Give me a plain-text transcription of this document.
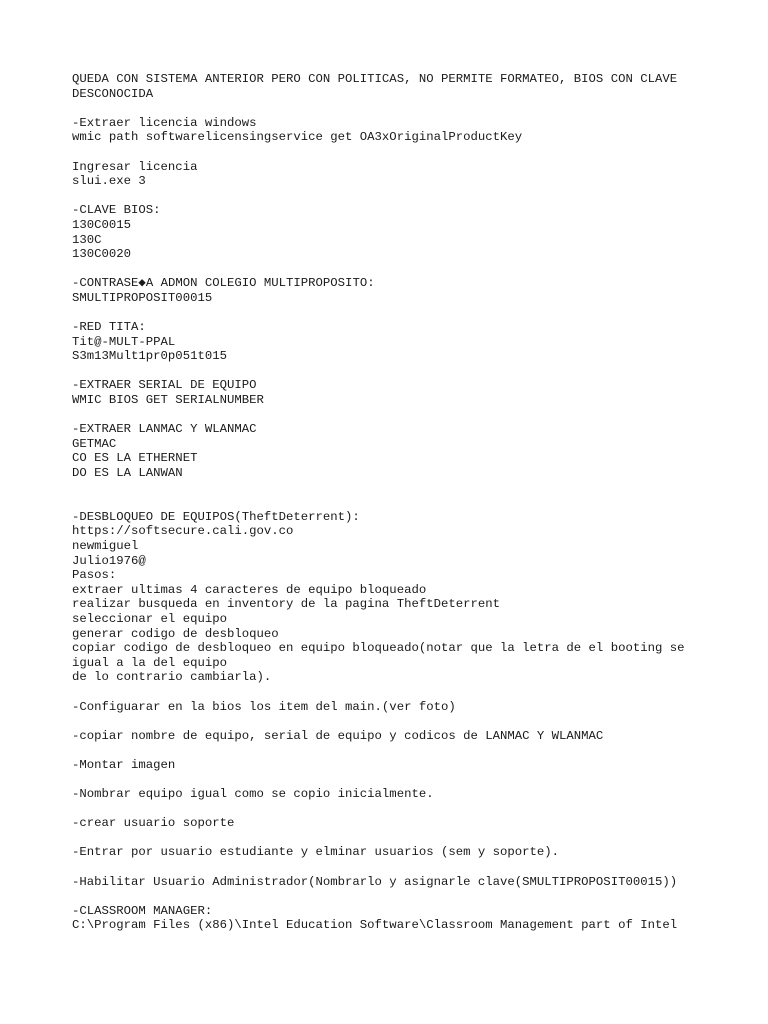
QUEDA CON SISTEMA ANTERIOR PERO CON POLITICAS, NO PERMITE FORMATEO, BIOS CON CLAVE
DESCONOCIDA
-Extraer licencia windows
wmic path softwarelicensingservice get OA3xOriginalProductKey
Ingresar licencia
slui.exe 3
-CLAVE BIOS:
130C0015
130C
130C0020
-CONTRASE◆A ADMON COLEGIO MULTIPROPOSITO:
SMULTIPROPOSIT00015
-RED TITA:
Tit@-MULT-PPAL
S3m13Mult1pr0p051t015
-EXTRAER SERIAL DE EQUIPO
WMIC BIOS GET SERIALNUMBER
-EXTRAER LANMAC Y WLANMAC
GETMAC
CO ES LA ETHERNET
DO ES LA LANWAN
-DESBLOQUEO DE EQUIPOS(TheftDeterrent):
https://softsecure.cali.gov.co
newmiguel
Julio1976@
Pasos:
extraer ultimas 4 caracteres de equipo bloqueado
realizar busqueda en inventory de la pagina TheftDeterrent
seleccionar el equipo
generar codigo de desbloqueo
copiar codigo de desbloqueo en equipo bloqueado(notar que la letra de el booting se
igual a la del equipo
de lo contrario cambiarla).
-Configuarar en la bios los item del main.(ver foto)
-copiar nombre de equipo, serial de equipo y codicos de LANMAC Y WLANMAC
-Montar imagen
-Nombrar equipo igual como se copio inicialmente.
-crear usuario soporte
-Entrar por usuario estudiante y elminar usuarios (sem y soporte).
-Habilitar Usuario Administrador(Nombrarlo y asignarle clave(SMULTIPROPOSIT00015))
-CLASSROOM MANAGER:
C:\Program Files (x86)\Intel Education Software\Classroom Management part of Intel
